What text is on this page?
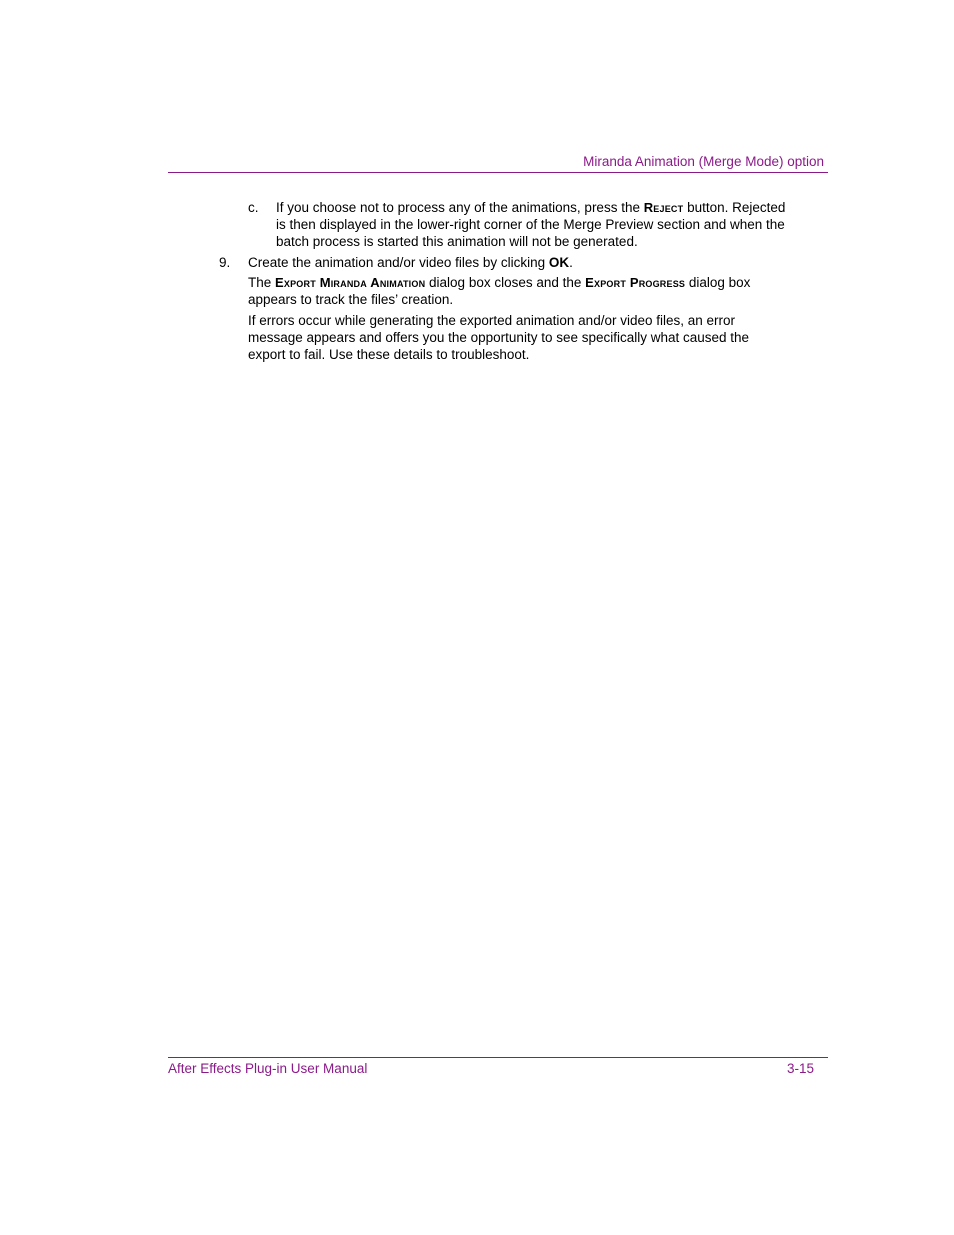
Miranda Animation (Merge Mode) option
c. If you choose not to process any of the animations, press the Reject button. Rejected is then displayed in the lower-right corner of the Merge Preview section and when the batch process is started this animation will not be generated.
9. Create the animation and/or video files by clicking OK.

The Export Miranda Animation dialog box closes and the Export Progress dialog box appears to track the files’ creation.

If errors occur while generating the exported animation and/or video files, an error message appears and offers you the opportunity to see specifically what caused the export to fail. Use these details to troubleshoot.

After Effects Plug-in User Manual	3-15
